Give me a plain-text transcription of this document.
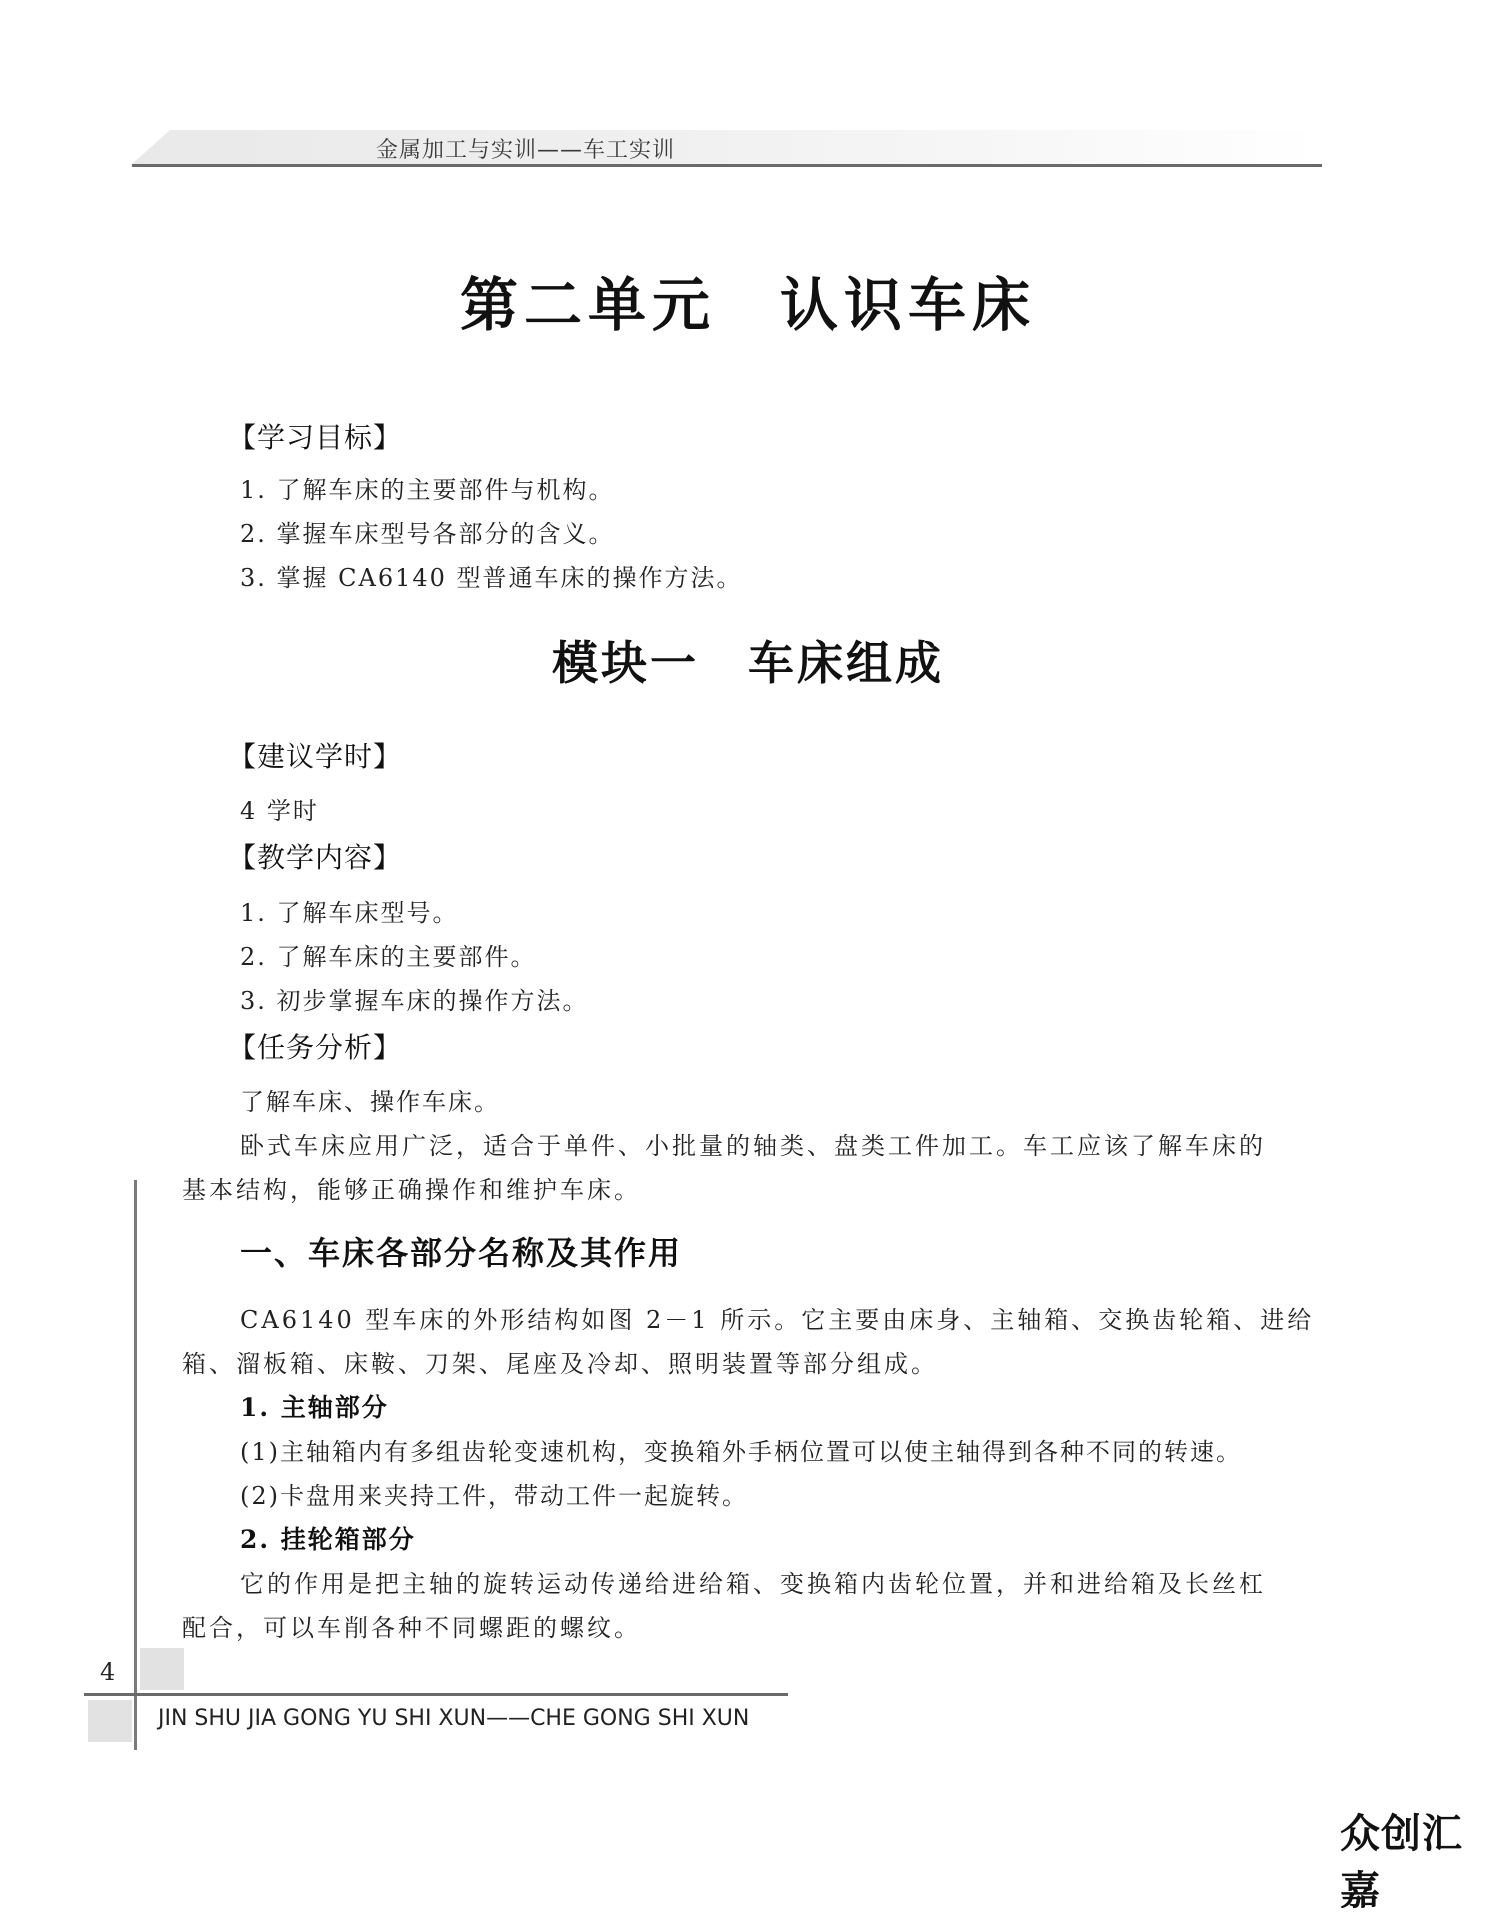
金属加工与实训——车工实训
第二单元　认识车床
【学习目标】
1. 了解车床的主要部件与机构。
2. 掌握车床型号各部分的含义。
3. 掌握 CA6140 型普通车床的操作方法。
模块一　车床组成
【建议学时】
4 学时
【教学内容】
1. 了解车床型号。
2. 了解车床的主要部件。
3. 初步掌握车床的操作方法。
【任务分析】
了解车床、操作车床。
卧式车床应用广泛，适合于单件、小批量的轴类、盘类工件加工。车工应该了解车床的
基本结构，能够正确操作和维护车床。
一、车床各部分名称及其作用
CA6140 型车床的外形结构如图 2－1 所示。它主要由床身、主轴箱、交换齿轮箱、进给
箱、溜板箱、床鞍、刀架、尾座及冷却、照明装置等部分组成。
1. 主轴部分
(1)主轴箱内有多组齿轮变速机构，变换箱外手柄位置可以使主轴得到各种不同的转速。
(2)卡盘用来夹持工件，带动工件一起旋转。
2. 挂轮箱部分
它的作用是把主轴的旋转运动传递给进给箱、变换箱内齿轮位置，并和进给箱及长丝杠
配合，可以车削各种不同螺距的螺纹。
4
JIN SHU JIA GONG YU SHI XUN——CHE GONG SHI XUN
众创汇嘉
